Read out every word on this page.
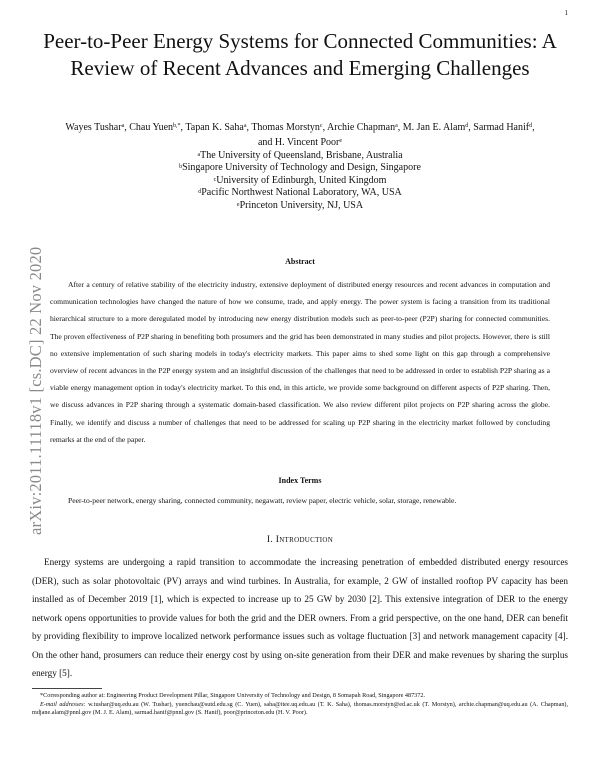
1
arXiv:2011.11118v1 [cs.DC] 22 Nov 2020
Peer-to-Peer Energy Systems for Connected Communities: A Review of Recent Advances and Emerging Challenges
Wayes Tushar$^a$, Chau Yuen$^{b,*}$, Tapan K. Saha$^a$, Thomas Morstyn$^c$, Archie Chapman$^a$, M. Jan E. Alam$^d$, Sarmad Hanif$^d$,
and H. Vincent Poor$^e$
$^a$The University of Queensland, Brisbane, Australia
$^b$Singapore University of Technology and Design, Singapore
$^c$University of Edinburgh, United Kingdom
$^d$Pacific Northwest National Laboratory, WA, USA
$^e$Princeton University, NJ, USA
Abstract

After a century of relative stability of the electricity industry, extensive deployment of distributed energy resources and recent advances in computation and communication technologies have changed the nature of how we consume, trade, and apply energy. The power system is facing a transition from its traditional hierarchical structure to a more deregulated model by introducing new energy distribution models such as peer-to-peer (P2P) sharing for connected communities. The proven effectiveness of P2P sharing in benefiting both prosumers and the grid has been demonstrated in many studies and pilot projects. However, there is still no extensive implementation of such sharing models in today's electricity markets. This paper aims to shed some light on this gap through a comprehensive overview of recent advances in the P2P energy system and an insightful discussion of the challenges that need to be addressed in order to establish P2P sharing as a viable energy management option in today's electricity market. To this end, in this article, we provide some background on different aspects of P2P sharing. Then, we discuss advances in P2P sharing through a systematic domain-based classification. We also review different pilot projects on P2P sharing across the globe. Finally, we identify and discuss a number of challenges that need to be addressed for scaling up P2P sharing in the electricity market followed by concluding remarks at the end of the paper.

Index Terms

Peer-to-peer network, energy sharing, connected community, negawatt, review paper, electric vehicle, solar, storage, renewable.

I. Introduction

Energy systems are undergoing a rapid transition to accommodate the increasing penetration of embedded distributed energy resources (DER), such as solar photovoltaic (PV) arrays and wind turbines. In Australia, for example, 2 GW of installed rooftop PV capacity has been installed as of December 2019 [1], which is expected to increase up to 25 GW by 2030 [2]. This extensive integration of DER to the energy network opens opportunities to provide values for both the grid and the DER owners. From a grid perspective, on the one hand, DER can benefit by providing flexibility to improve localized network performance issues such as voltage fluctuation [3] and network management capacity [4]. On the other hand, prosumers can reduce their energy cost by using on-site generation from their DER and make revenues by sharing the surplus energy [5].

*Corresponding author at: Engineering Product Development Pillar, Singapore University of Technology and Design, 8 Somapah Road, Singapore 487372.

E-mail addresses: w.tushar@uq.edu.au (W. Tushar), yuenchau@sutd.edu.sg (C. Yuen), saha@itee.uq.edu.au (T. K. Saha), thomas.morstyn@ed.ac.uk (T. Morstyn), archie.chapman@uq.edu.au (A. Chapman), mdjane.alam@pnnl.gov (M. J. E. Alam), sarmad.hanif@pnnl.gov (S. Hanif), poor@princeton.edu (H. V. Poor).
